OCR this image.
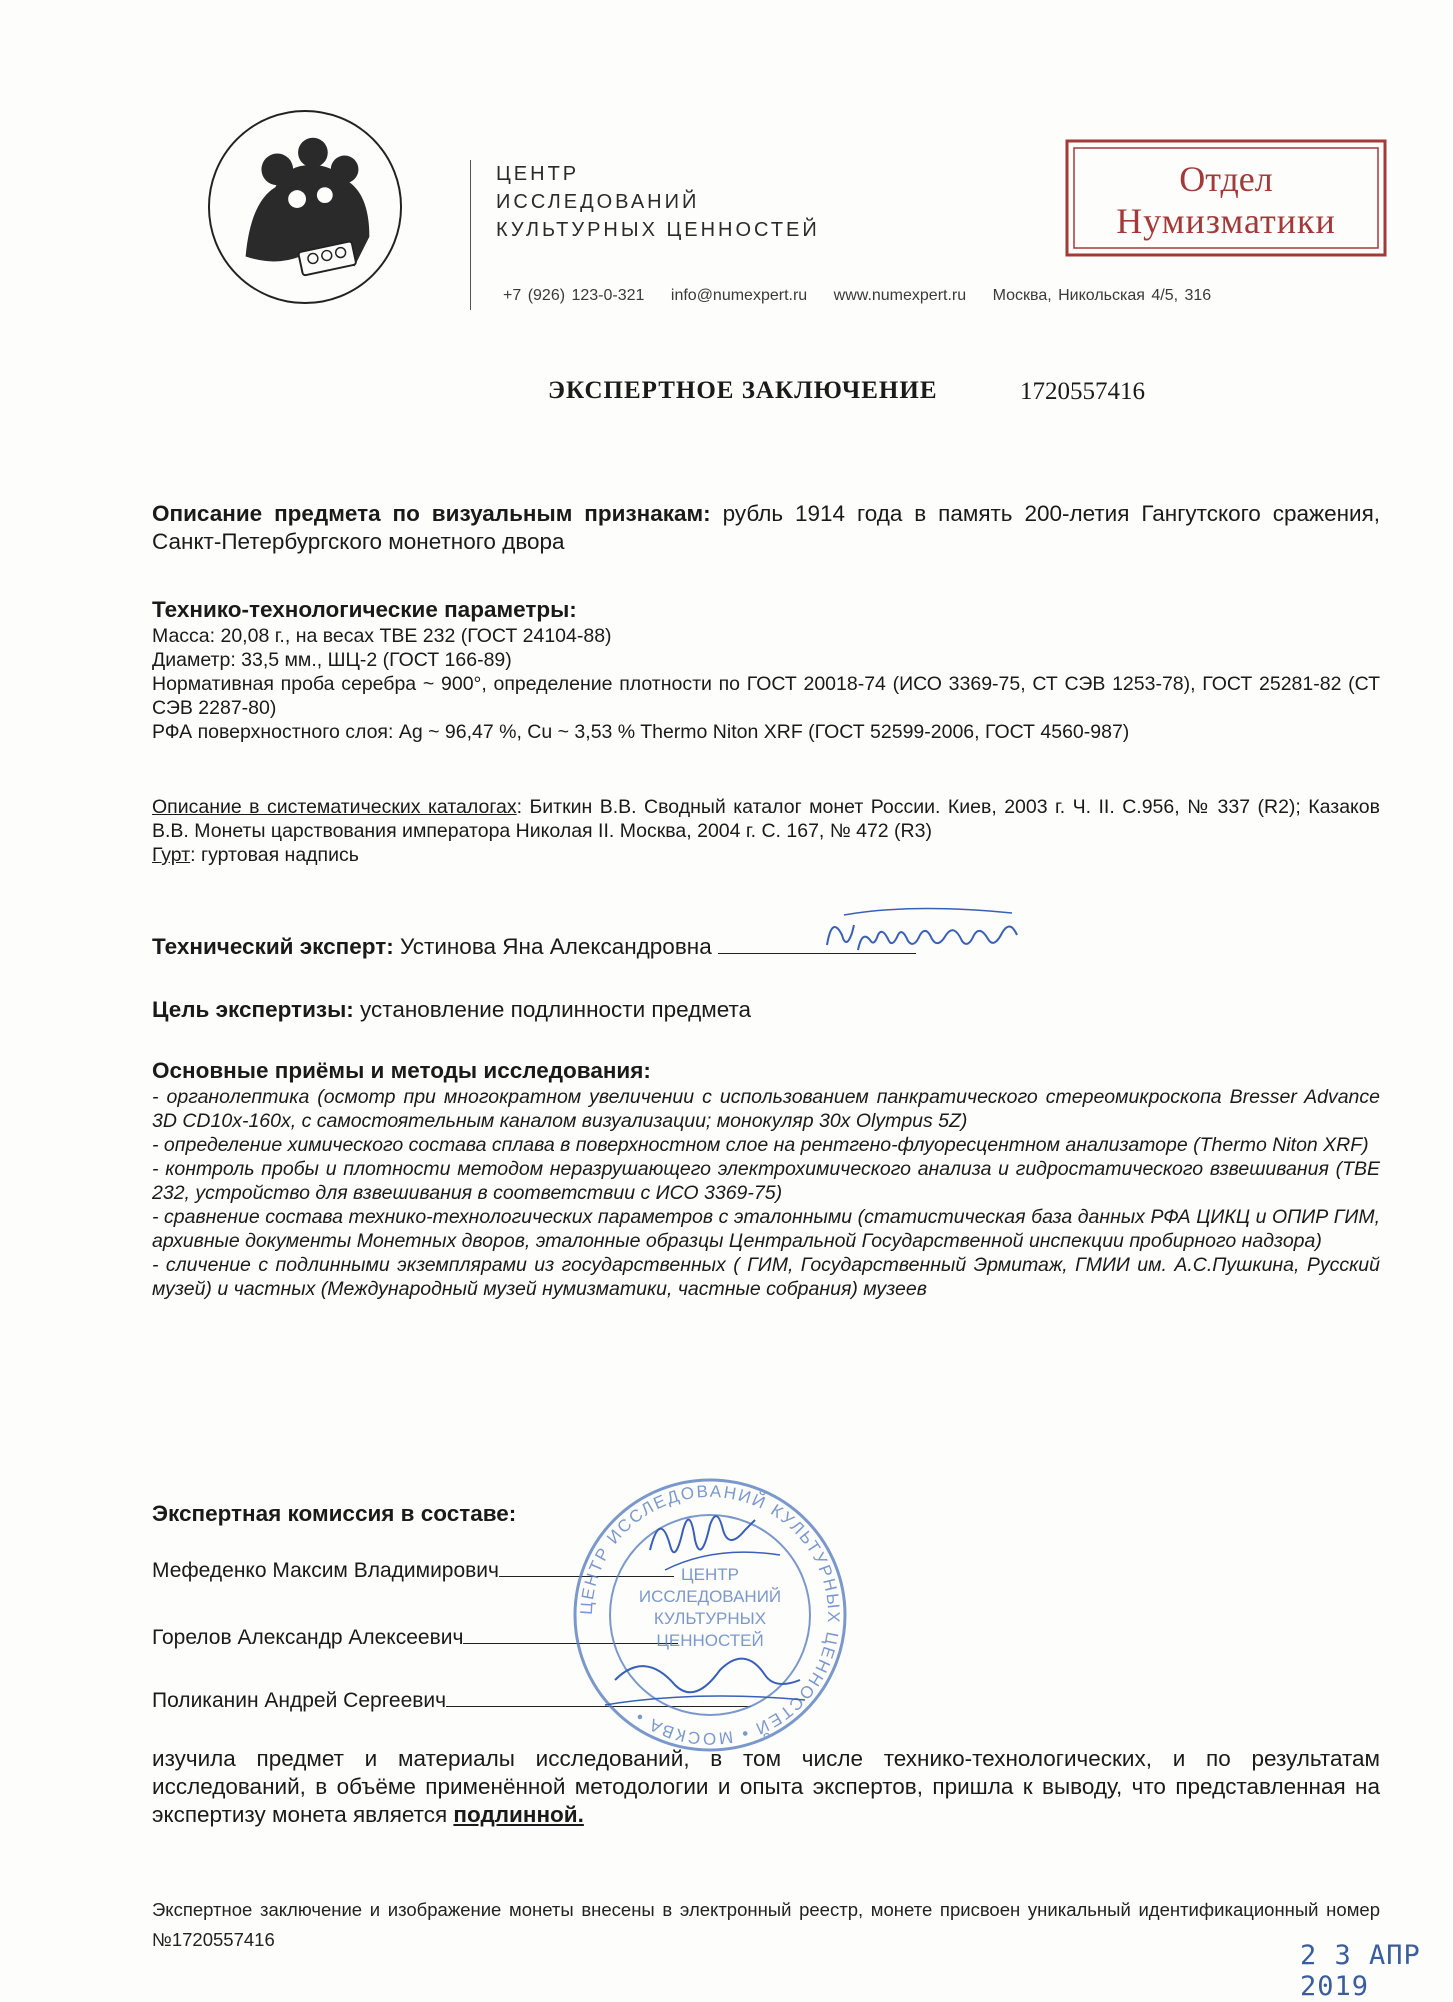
ЦЕНТР
ИССЛЕДОВАНИЙ
КУЛЬТУРНЫХ ЦЕННОСТЕЙ
+7 (926) 123-0-321 info@numexpert.ru www.numexpert.ru Москва, Никольская 4/5, 316
Отдел
Нумизматики
ЭКСПЕРТНОЕ ЗАКЛЮЧЕНИЕ	1720557416
Описание предмета по визуальным признакам: рубль 1914 года в память 200-летия Гангутского сражения, Санкт-Петербургского монетного двора

Технико-технологические параметры:

Масса: 20,08 г., на весах ТВЕ 232 (ГОСТ 24104-88)

Диаметр: 33,5 мм., ШЦ-2 (ГОСТ 166-89)

Нормативная проба серебра ~ 900°, определение плотности по ГОСТ 20018-74 (ИСО 3369-75, СТ СЭВ 1253-78), ГОСТ 25281-82 (СТ СЭВ 2287-80)

РФА поверхностного слоя: Ag ~ 96,47 %, Cu ~ 3,53 % Thermo Niton XRF (ГОСТ 52599-2006, ГОСТ 4560-987)

Описание в систематических каталогах: Биткин В.В. Сводный каталог монет России. Киев, 2003 г. Ч. II. С.956, № 337 (R2); Казаков В.В. Монеты царствования императора Николая II. Москва, 2004 г. С. 167, № 472 (R3)

Гурт: гуртовая надпись

Технический эксперт: Устинова Яна Александровна
Цель экспертизы: установление подлинности предмета

Основные приёмы и методы исследования:

- органолептика (осмотр при многократном увеличении с использованием панкратического стереомикроскопа Bresser Advance 3D CD10x-160x, с самостоятельным каналом визуализации; монокуляр 30x Olympus 5Z)

- определение химического состава сплава в поверхностном слое на рентгено-флуоресцентном анализаторе (Thermo Niton XRF)

- контроль пробы и плотности методом неразрушающего электрохимического анализа и гидростатического взвешивания (ТВЕ 232, устройство для взвешивания в соответствии с ИСО 3369-75)

- сравнение состава технико-технологических параметров с эталонными (статистическая база данных РФА ЦИКЦ и ОПИР ГИМ, архивные документы Монетных дворов, эталонные образцы Центральной Государственной инспекции пробирного надзора)

- сличение с подлинными экземплярами из государственных ( ГИМ, Государственный Эрмитаж, ГМИИ им. А.С.Пушкина, Русский музей) и частных (Международный музей нумизматики, частные собрания) музеев

Экспертная комиссия в составе:
Мефеденко Максим Владимирович
Горелов Александр Алексеевич
Поликанин Андрей Сергеевич
ЦЕНТР ИССЛЕДОВАНИЙ КУЛЬТУРНЫХ ЦЕННОСТЕЙ • МОСКВА •
ЦЕНТР
ИССЛЕДОВАНИЙ
КУЛЬТУРНЫХ
ЦЕННОСТЕЙ
изучила предмет и материалы исследований, в том числе технико-технологических, и по результатам исследований, в объёме применённой методологии и опыта экспертов, пришла к выводу, что представленная на экспертизу монета является подлинной.

Экспертное заключение и изображение монеты внесены в электронный реестр, монете присвоен уникальный идентификационный номер №1720557416

2 3 АПР 2019
